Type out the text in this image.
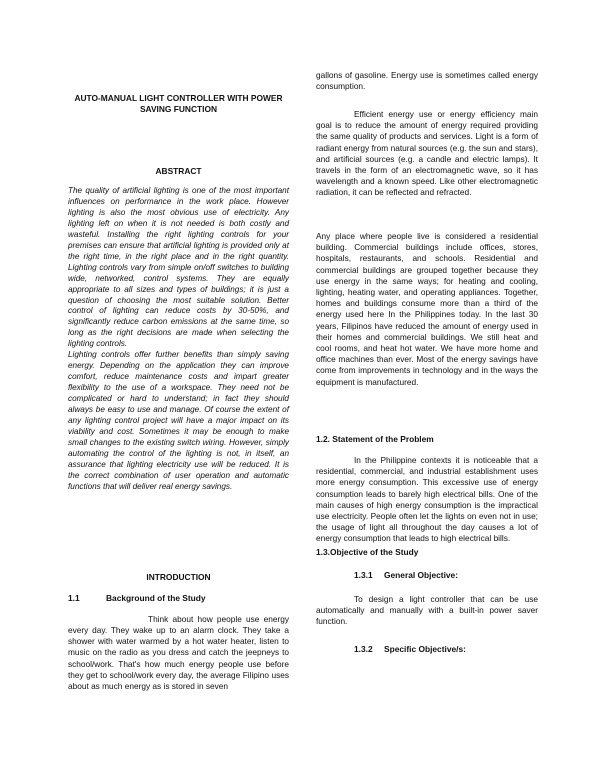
AUTO-MANUAL LIGHT CONTROLLER WITH POWER SAVING FUNCTION
ABSTRACT

The quality of artificial lighting is one of the most important influences on performance in the work place. However lighting is also the most obvious use of electricity. Any lighting left on when it is not needed is both costly and wasteful. Installing the right lighting controls for your premises can ensure that artificial lighting is provided only at the right time, in the right place and in the right quantity. Lighting controls vary from simple on/off switches to building wide, networked, control systems. They are equally appropriate to all sizes and types of buildings; it is just a question of choosing the most suitable solution. Better control of lighting can reduce costs by 30-50%, and significantly reduce carbon emissions at the same time, so long as the right decisions are made when selecting the lighting controls.

Lighting controls offer further benefits than simply saving energy. Depending on the application they can improve comfort, reduce maintenance costs and impart greater flexibility to the use of a workspace. They need not be complicated or hard to understand; in fact they should always be easy to use and manage. Of course the extent of any lighting control project will have a major impact on its viability and cost. Sometimes it may be enough to make small changes to the existing switch wiring. However, simply automating the control of the lighting is not, in itself, an assurance that lighting electricity use will be reduced. It is the correct combination of user operation and automatic functions that will deliver real energy savings.

INTRODUCTION
1.1	Background of the Study

Think about how people use energy every day. They wake up to an alarm clock. They take a shower with water warmed by a hot water heater, listen to music on the radio as you dress and catch the jeepneys to school/work. That's how much energy people use before they get to school/work every day, the average Filipino uses about as much energy as is stored in seven

gallons of gasoline. Energy use is sometimes called energy consumption.

Efficient energy use or energy efficiency main goal is to reduce the amount of energy required providing the same quality of products and services. Light is a form of radiant energy from natural sources (e.g. the sun and stars), and artificial sources (e.g. a candle and electric lamps). It travels in the form of an electromagnetic wave, so it has wavelength and a known speed. Like other electromagnetic radiation, it can be reflected and refracted.

Any place where people live is considered a residential building. Commercial buildings include offices, stores, hospitals, restaurants, and schools. Residential and commercial buildings are grouped together because they use energy in the same ways; for heating and cooling, lighting, heating water, and operating appliances. Together, homes and buildings consume more than a third of the energy used here In the Philippines today. In the last 30 years, Filipinos have reduced the amount of energy used in their homes and commercial buildings. We still heat and cool rooms, and heat hot water. We have more home and office machines than ever. Most of the energy savings have come from improvements in technology and in the ways the equipment is manufactured.

1.2. Statement of the Problem

In the Philippine contexts it is noticeable that a residential, commercial, and industrial establishment uses more energy consumption. This excessive use of energy consumption leads to barely high electrical bills. One of the main causes of high energy consumption is the impractical use electricity. People often let the lights on even not in use; the usage of light all throughout the day causes a lot of energy consumption that leads to high electrical bills.

1.3.Objective of the Study
1.3.1 General Objective:

To design a light controller that can be use automatically and manually with a built-in power saver function.

1.3.2 Specific Objective/s:
